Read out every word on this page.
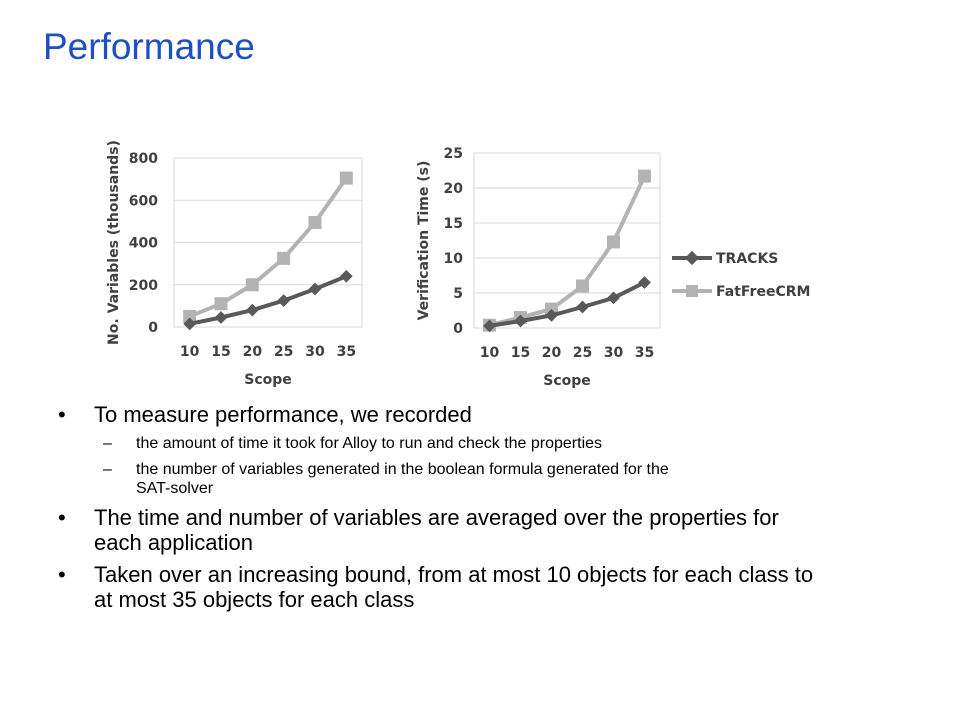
Performance
0
200
400
600
800
10 15 20 25 30 35
Scope
No. Variables (thousands)	0
5
10
15
20
25
10 15 20 25 30 35
Scope
Verification Time (s)	TRACKS
FatFreeCRM
• To measure performance, we recorded
– the amount of time it took for Alloy to run and check the properties
– the number of variables generated in the boolean formula generated for the SAT-solver
• The time and number of variables are averaged over the properties for each application
• Taken over an increasing bound, from at most 10 objects for each class to at most 35 objects for each class
